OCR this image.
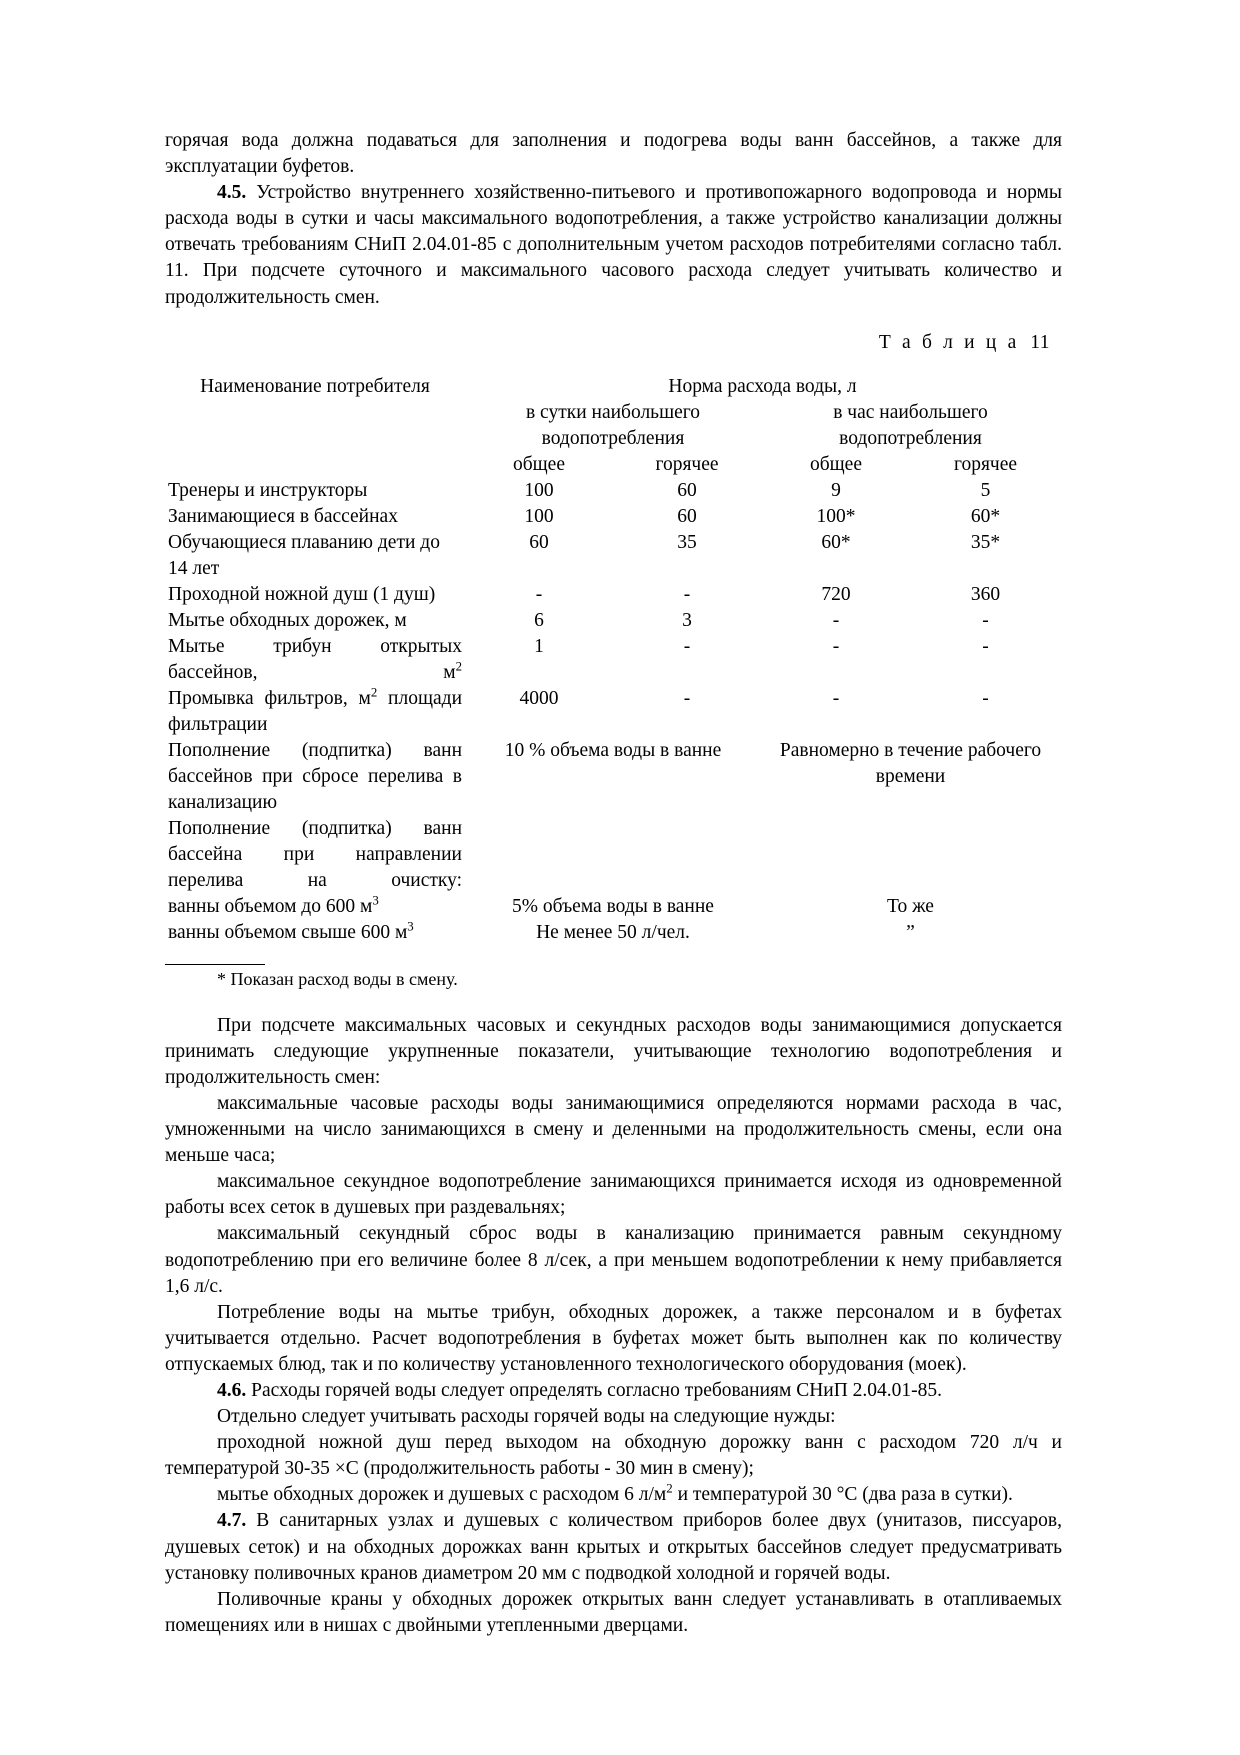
горячая вода должна подаваться для заполнения и подогрева воды ванн бассейнов, а также для эксплуатации буфетов.

4.5. Устройство внутреннего хозяйственно-питьевого и противопожарного водопровода и нормы расхода воды в сутки и часы максимального водопотребления, а также устройство канализации должны отвечать требованиям СНиП 2.04.01-85 с дополнительным учетом расходов потребителями согласно табл. 11. При подсчете суточного и максимального часового расхода следует учитывать количество и продолжительность смен.

Т а б л и ц а 11
Наименование потребителя	Норма расхода воды, л			
	в сутки наибольшего водопотребления		в час наибольшего водопотребления	
	общее	горячее	общее	горячее
Тренеры и инструкторы	100	60	9	5
Занимающиеся в бассейнах	100	60	100*	60*
Обучающиеся плаванию дети до 14 лет	60	35	60*	35*
Проходной ножной душ (1 душ)	-	-	720	360
Мытье обходных дорожек, м	6	3	-	-
Мытье трибун открытых бассейнов, $м^2$	1	-	-	-
Промывка фильтров, $м^2$ площади фильтрации	4000	-	-	-
Пополнение (подпитка) ванн бассейнов при сбросе перелива в канализацию	10 % объема воды в ванне		Равномерно в течение рабочего времени	
Пополнение (подпитка) ванн бассейна при направлении перелива на очистку:				
ванны объемом до 600 $м^3$	5% объема воды в ванне		То же	
ванны объемом свыше 600 $м^3$	Не менее 50 л/чел.		”	

* Показан расход воды в смену.

При подсчете максимальных часовых и секундных расходов воды занимающимися допускается принимать следующие укрупненные показатели, учитывающие технологию водопотребления и продолжительность смен:

максимальные часовые расходы воды занимающимися определяются нормами расхода в час, умноженными на число занимающихся в смену и деленными на продолжительность смены, если она меньше часа;

максимальное секундное водопотребление занимающихся принимается исходя из одновременной работы всех сеток в душевых при раздевальнях;

максимальный секундный сброс воды в канализацию принимается равным секундному водопотреблению при его величине более 8 л/сек, а при меньшем водопотреблении к нему прибавляется 1,6 л/с.

Потребление воды на мытье трибун, обходных дорожек, а также персоналом и в буфетах учитывается отдельно. Расчет водопотребления в буфетах может быть выполнен как по количеству отпускаемых блюд, так и по количеству установленного технологического оборудования (моек).

4.6. Расходы горячей воды следует определять согласно требованиям СНиП 2.04.01-85.

Отдельно следует учитывать расходы горячей воды на следующие нужды:

проходной ножной душ перед выходом на обходную дорожку ванн с расходом 720 л/ч и температурой 30-35 ×С (продолжительность работы - 30 мин в смену);

мытье обходных дорожек и душевых с расходом 6 $л/м^2$ и температурой 30 °C (два раза в сутки).

4.7. В санитарных узлах и душевых с количеством приборов более двух (унитазов, писсуаров, душевых сеток) и на обходных дорожках ванн крытых и открытых бассейнов следует предусматривать установку поливочных кранов диаметром 20 мм с подводкой холодной и горячей воды.

Поливочные краны у обходных дорожек открытых ванн следует устанавливать в отапливаемых помещениях или в нишах с двойными утепленными дверцами.
